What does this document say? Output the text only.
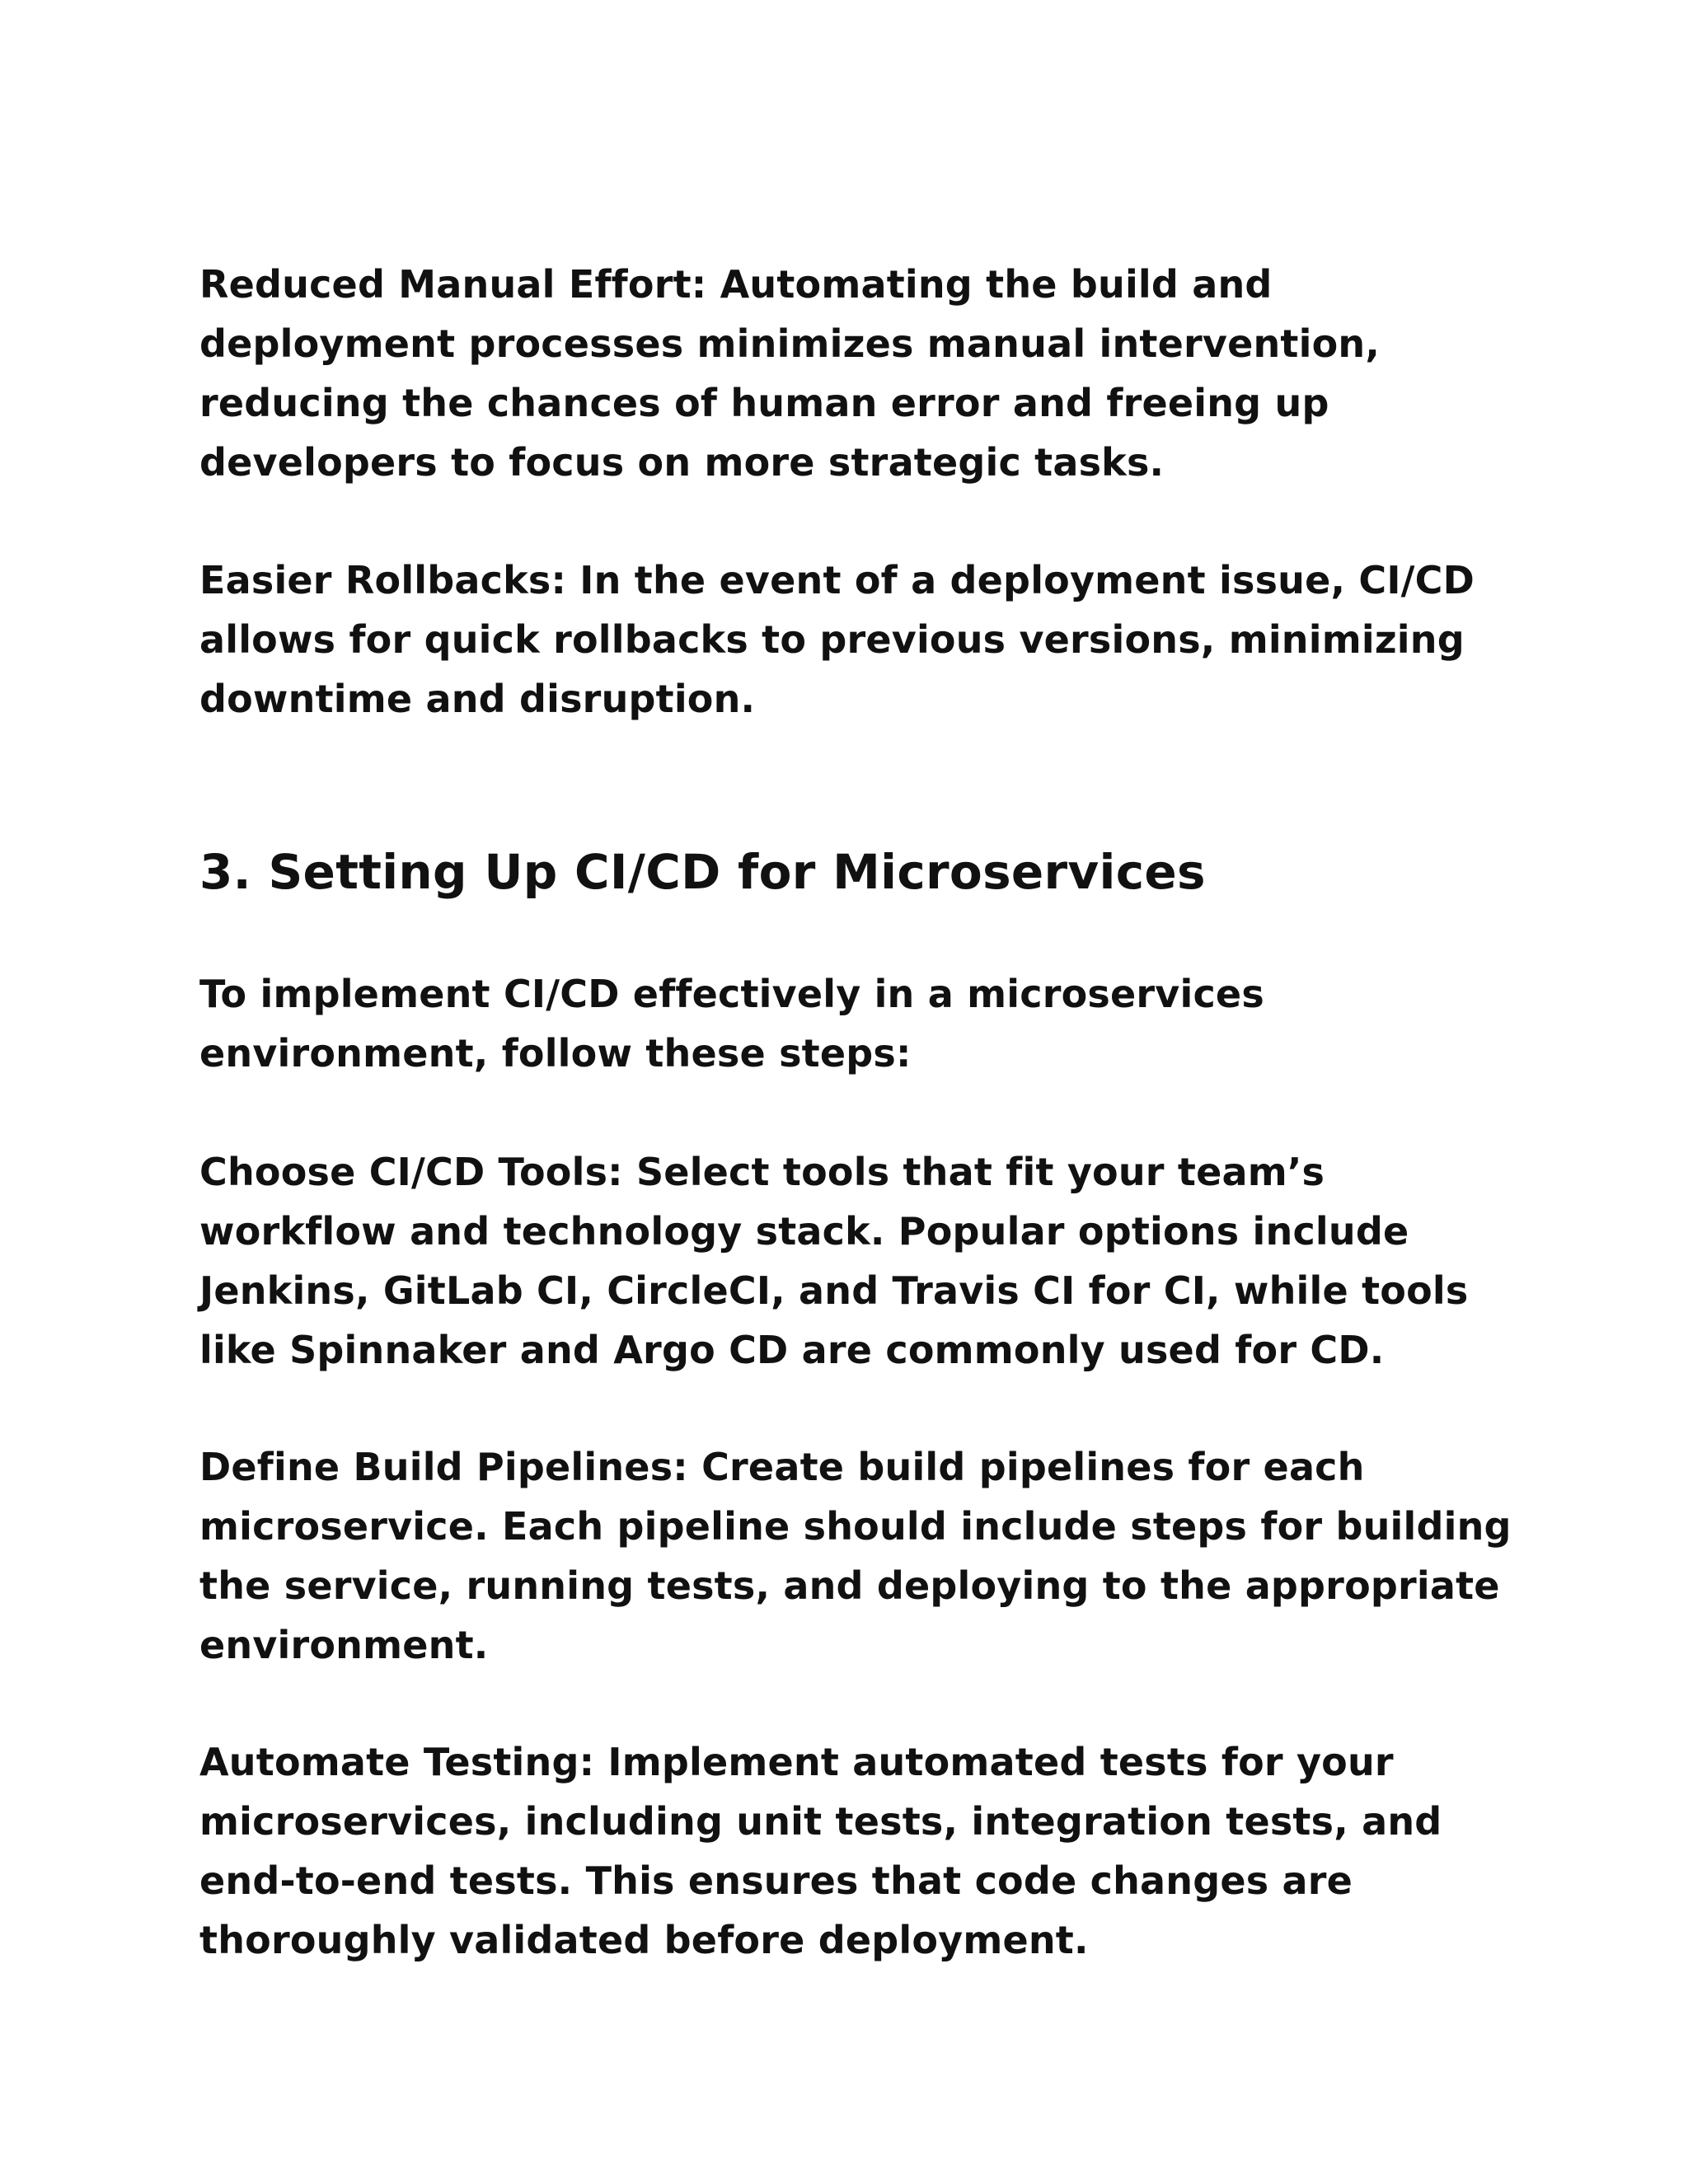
Reduced Manual Effort: Automating the build and
deployment processes minimizes manual intervention,
reducing the chances of human error and freeing up
developers to focus on more strategic tasks.

Easier Rollbacks: In the event of a deployment issue, CI/CD
allows for quick rollbacks to previous versions, minimizing
downtime and disruption.

3. Setting Up CI/CD for Microservices

To implement CI/CD effectively in a microservices
environment, follow these steps:

Choose CI/CD Tools: Select tools that fit your team’s
workflow and technology stack. Popular options include
Jenkins, GitLab CI, CircleCI, and Travis CI for CI, while tools
like Spinnaker and Argo CD are commonly used for CD.

Define Build Pipelines: Create build pipelines for each
microservice. Each pipeline should include steps for building
the service, running tests, and deploying to the appropriate
environment.

Automate Testing: Implement automated tests for your
microservices, including unit tests, integration tests, and
end-to-end tests. This ensures that code changes are
thoroughly validated before deployment.
